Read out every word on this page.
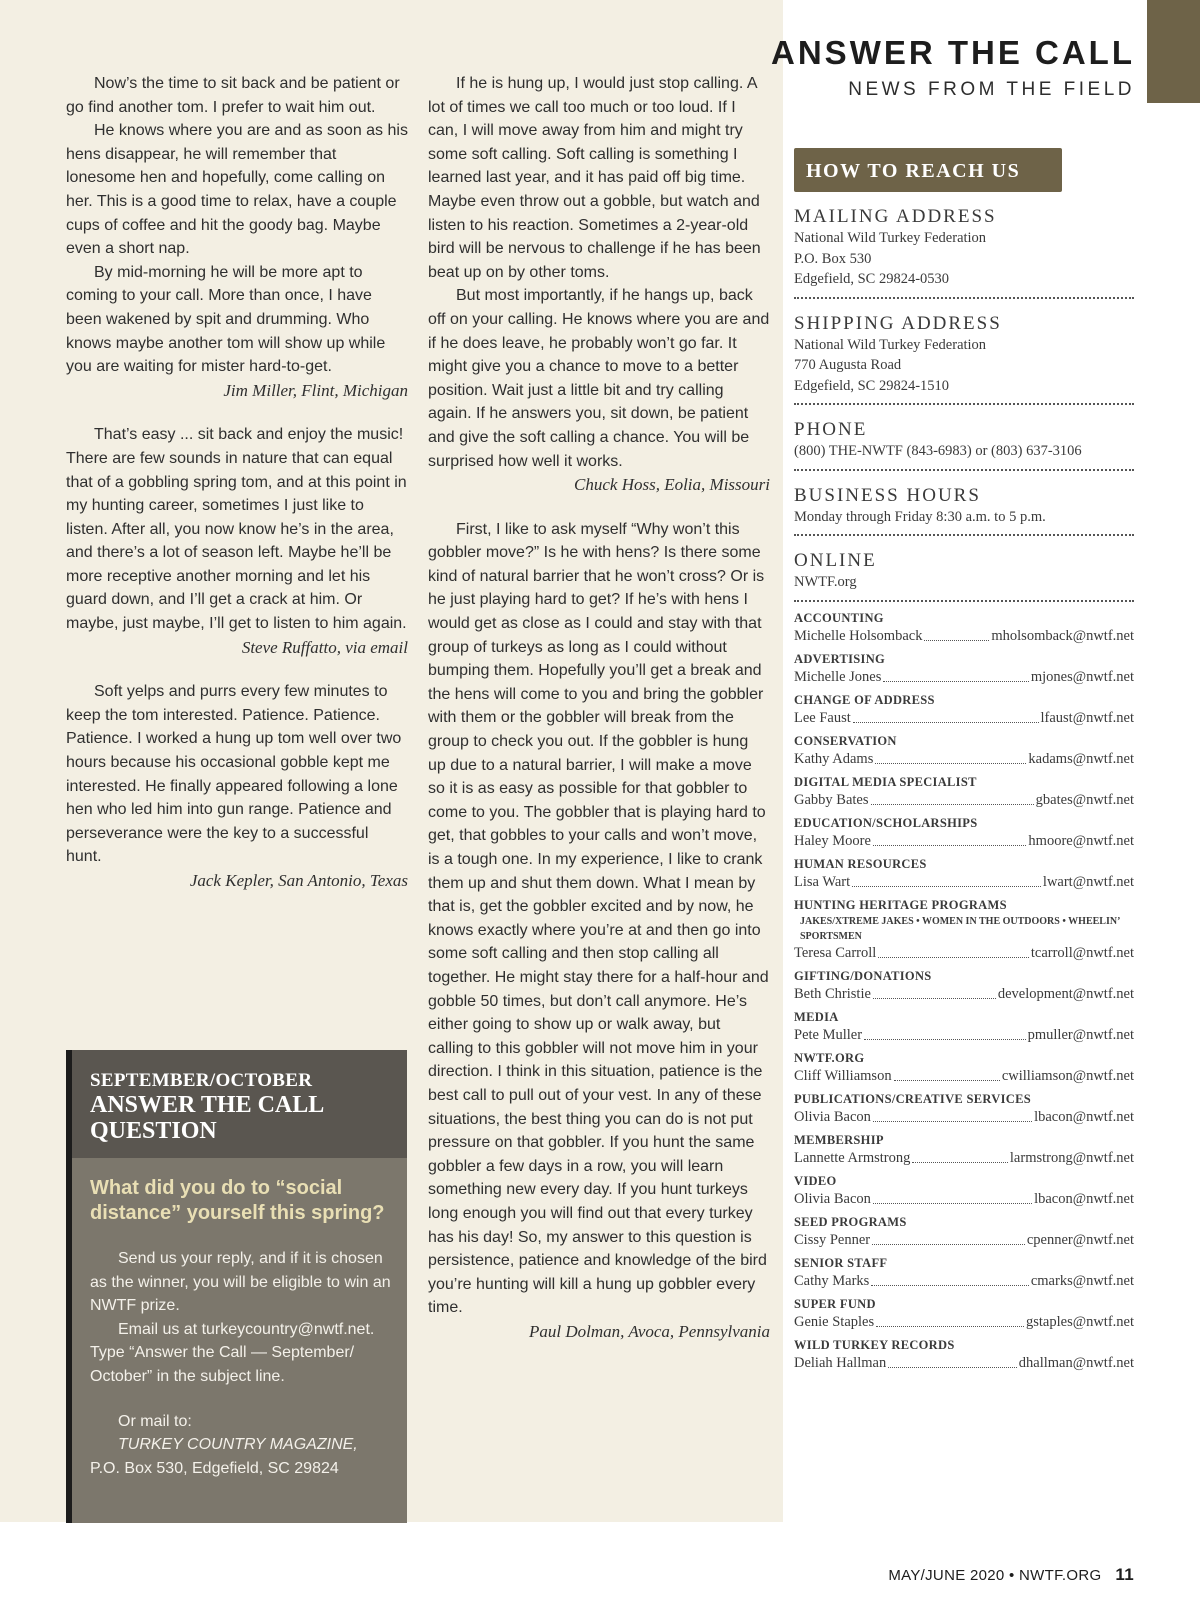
ANSWER THE CALL
NEWS FROM THE FIELD

Now’s the time to sit back and be patient or go find another tom. I prefer to wait him out.

He knows where you are and as soon as his hens disappear, he will remember that lonesome hen and hopefully, come calling on her. This is a good time to relax, have a couple cups of coffee and hit the goody bag. Maybe even a short nap.

By mid-morning he will be more apt to coming to your call. More than once, I have been wakened by spit and drumming. Who knows maybe another tom will show up while you are waiting for mister hard-to-get.

Jim Miller, Flint, Michigan

That’s easy ... sit back and enjoy the music! There are few sounds in nature that can equal that of a gobbling spring tom, and at this point in my hunting career, sometimes I just like to listen. After all, you now know he’s in the area, and there’s a lot of season left. Maybe he’ll be more receptive another morning and let his guard down, and I’ll get a crack at him. Or maybe, just maybe, I’ll get to listen to him again.

Steve Ruffatto, via email

Soft yelps and purrs every few minutes to keep the tom interested. Patience. Patience. Patience. I worked a hung up tom well over two hours because his occasional gobble kept me interested. He finally appeared following a lone hen who led him into gun range. Patience and perseverance were the key to a successful hunt.

Jack Kepler, San Antonio, Texas

SEPTEMBER/OCTOBER
ANSWER THE CALL QUESTION
What did you do to “social distance” yourself this spring?

Send us your reply, and if it is chosen as the winner, you will be eligible to win an NWTF prize.

Email us at turkeycountry@nwtf.net. Type “Answer the Call — September/ October” in the subject line.

Or mail to:

TURKEY COUNTRY MAGAZINE,

P.O. Box 530, Edgefield, SC 29824

If he is hung up, I would just stop calling. A lot of times we call too much or too loud. If I can, I will move away from him and might try some soft calling. Soft calling is something I learned last year, and it has paid off big time. Maybe even throw out a gobble, but watch and listen to his reaction. Sometimes a 2-year-old bird will be nervous to challenge if he has been beat up on by other toms.

But most importantly, if he hangs up, back off on your calling. He knows where you are and if he does leave, he probably won’t go far. It might give you a chance to move to a better position. Wait just a little bit and try calling again. If he answers you, sit down, be patient and give the soft calling a chance. You will be surprised how well it works.

Chuck Hoss, Eolia, Missouri

First, I like to ask myself “Why won’t this gobbler move?” Is he with hens? Is there some kind of natural barrier that he won’t cross? Or is he just playing hard to get? If he’s with hens I would get as close as I could and stay with that group of turkeys as long as I could without bumping them. Hopefully you’ll get a break and the hens will come to you and bring the gobbler with them or the gobbler will break from the group to check you out. If the gobbler is hung up due to a natural barrier, I will make a move so it is as easy as possible for that gobbler to come to you. The gobbler that is playing hard to get, that gobbles to your calls and won’t move, is a tough one. In my experience, I like to crank them up and shut them down. What I mean by that is, get the gobbler excited and by now, he knows exactly where you’re at and then go into some soft calling and then stop calling all together. He might stay there for a half-hour and gobble 50 times, but don’t call anymore. He’s either going to show up or walk away, but calling to this gobbler will not move him in your direction. I think in this situation, patience is the best call to pull out of your vest. In any of these situations, the best thing you can do is not put pressure on that gobbler. If you hunt the same gobbler a few days in a row, you will learn something new every day. If you hunt turkeys long enough you will find out that every turkey has his day! So, my answer to this question is persistence, patience and knowledge of the bird you’re hunting will kill a hung up gobbler every time.

Paul Dolman, Avoca, Pennsylvania

HOW TO REACH US
MAILING ADDRESS
National Wild Turkey Federation
P.O. Box 530
Edgefield, SC 29824-0530
SHIPPING ADDRESS
National Wild Turkey Federation
770 Augusta Road
Edgefield, SC 29824-1510
PHONE
(800) THE-NWTF (843-6983) or (803) 637-3106
BUSINESS HOURS
Monday through Friday 8:30 a.m. to 5 p.m.
ONLINE
NWTF.org
ACCOUNTING
Michelle Holsomback	mholsomback@nwtf.net
ADVERTISING
Michelle Jones	mjones@nwtf.net
CHANGE OF ADDRESS
Lee Faust	lfaust@nwtf.net
CONSERVATION
Kathy Adams	kadams@nwtf.net
DIGITAL MEDIA SPECIALIST
Gabby Bates	gbates@nwtf.net
EDUCATION/SCHOLARSHIPS
Haley Moore	hmoore@nwtf.net
HUMAN RESOURCES
Lisa Wart	lwart@nwtf.net
HUNTING HERITAGE PROGRAMS
JAKES/XTREME JAKES • WOMEN IN THE OUTDOORS • WHEELIN’ SPORTSMEN
Teresa Carroll	tcarroll@nwtf.net
GIFTING/DONATIONS
Beth Christie	development@nwtf.net
MEDIA
Pete Muller	pmuller@nwtf.net
NWTF.ORG
Cliff Williamson	cwilliamson@nwtf.net
PUBLICATIONS/CREATIVE SERVICES
Olivia Bacon	lbacon@nwtf.net
MEMBERSHIP
Lannette Armstrong	larmstrong@nwtf.net
VIDEO
Olivia Bacon	lbacon@nwtf.net
SEED PROGRAMS
Cissy Penner	cpenner@nwtf.net
SENIOR STAFF
Cathy Marks	cmarks@nwtf.net
SUPER FUND
Genie Staples	gstaples@nwtf.net
WILD TURKEY RECORDS
Deliah Hallman	dhallman@nwtf.net
MAY/JUNE 2020 • NWTF.ORG 11
